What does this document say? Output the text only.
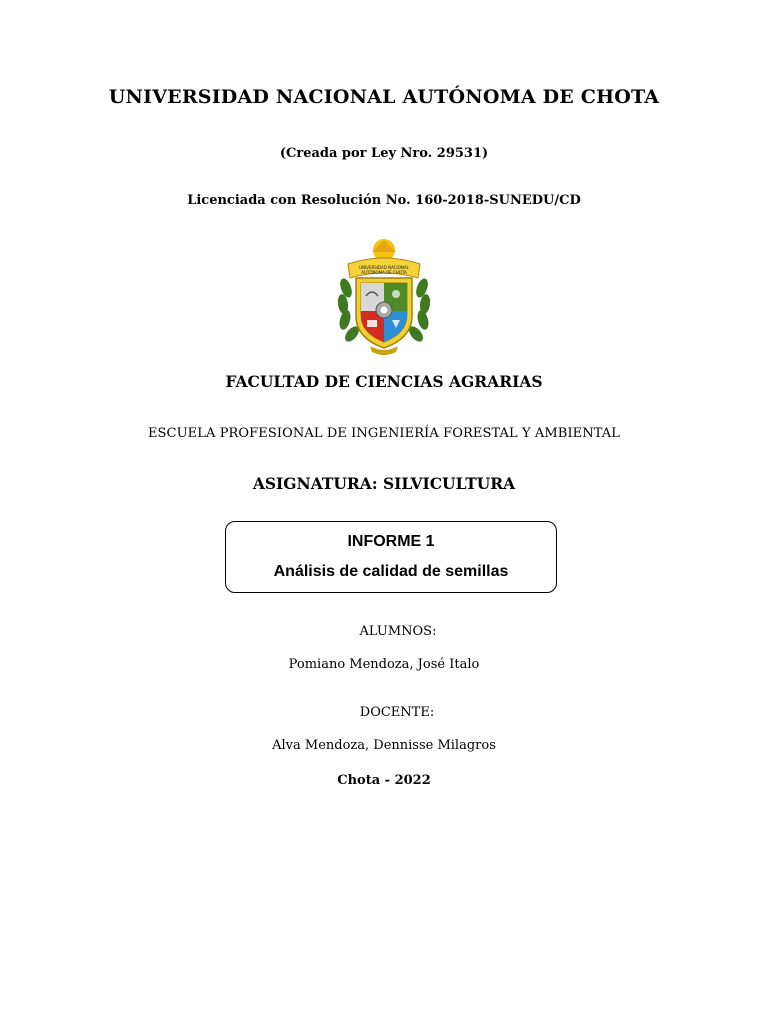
UNIVERSIDAD NACIONAL AUTÓNOMA DE CHOTA
(Creada por Ley Nro. 29531)
Licenciada con Resolución No. 160-2018-SUNEDU/CD
UNIVERSIDAD NACIONAL
AUTÓNOMA DE CHOTA
FACULTAD DE CIENCIAS AGRARIAS
ESCUELA PROFESIONAL DE INGENIERÍA FORESTAL Y AMBIENTAL
ASIGNATURA: SILVICULTURA
INFORME 1
Análisis de calidad de semillas
ALUMNOS:
Pomiano Mendoza, José Italo
DOCENTE:
Alva Mendoza, Dennisse Milagros
Chota - 2022
